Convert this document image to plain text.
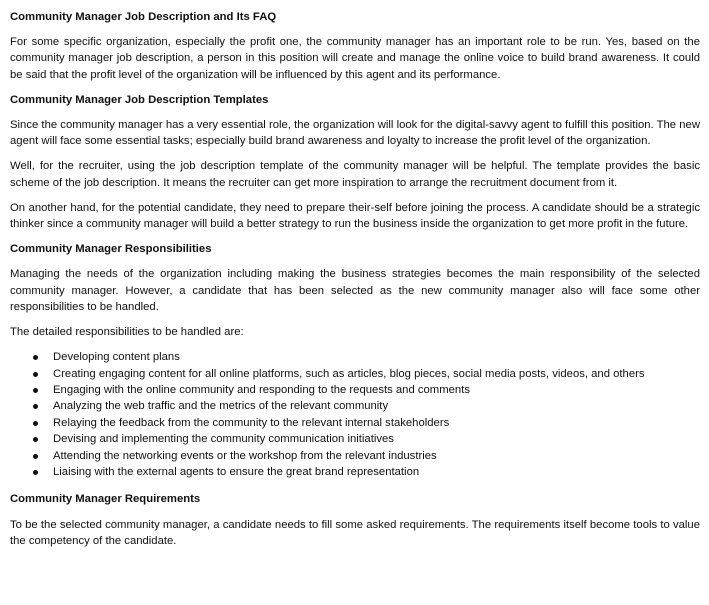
Community Manager Job Description and Its FAQ

For some specific organization, especially the profit one, the community manager has an important role to be run. Yes, based on the community manager job description, a person in this position will create and manage the online voice to build brand awareness. It could be said that the profit level of the organization will be influenced by this agent and its performance.

Community Manager Job Description Templates

Since the community manager has a very essential role, the organization will look for the digital-savvy agent to fulfill this position. The new agent will face some essential tasks; especially build brand awareness and loyalty to increase the profit level of the organization.

Well, for the recruiter, using the job description template of the community manager will be helpful. The template provides the basic scheme of the job description. It means the recruiter can get more inspiration to arrange the recruitment document from it.

On another hand, for the potential candidate, they need to prepare their-self before joining the process. A candidate should be a strategic thinker since a community manager will build a better strategy to run the business inside the organization to get more profit in the future.

Community Manager Responsibilities

Managing the needs of the organization including making the business strategies becomes the main responsibility of the selected community manager. However, a candidate that has been selected as the new community manager also will face some other responsibilities to be handled.

The detailed responsibilities to be handled are:

Developing content plans
Creating engaging content for all online platforms, such as articles, blog pieces, social media posts, videos, and others
Engaging with the online community and responding to the requests and comments
Analyzing the web traffic and the metrics of the relevant community
Relaying the feedback from the community to the relevant internal stakeholders
Devising and implementing the community communication initiatives
Attending the networking events or the workshop from the relevant industries
Liaising with the external agents to ensure the great brand representation

Community Manager Requirements

To be the selected community manager, a candidate needs to fill some asked requirements. The requirements itself become tools to value the competency of the candidate.
